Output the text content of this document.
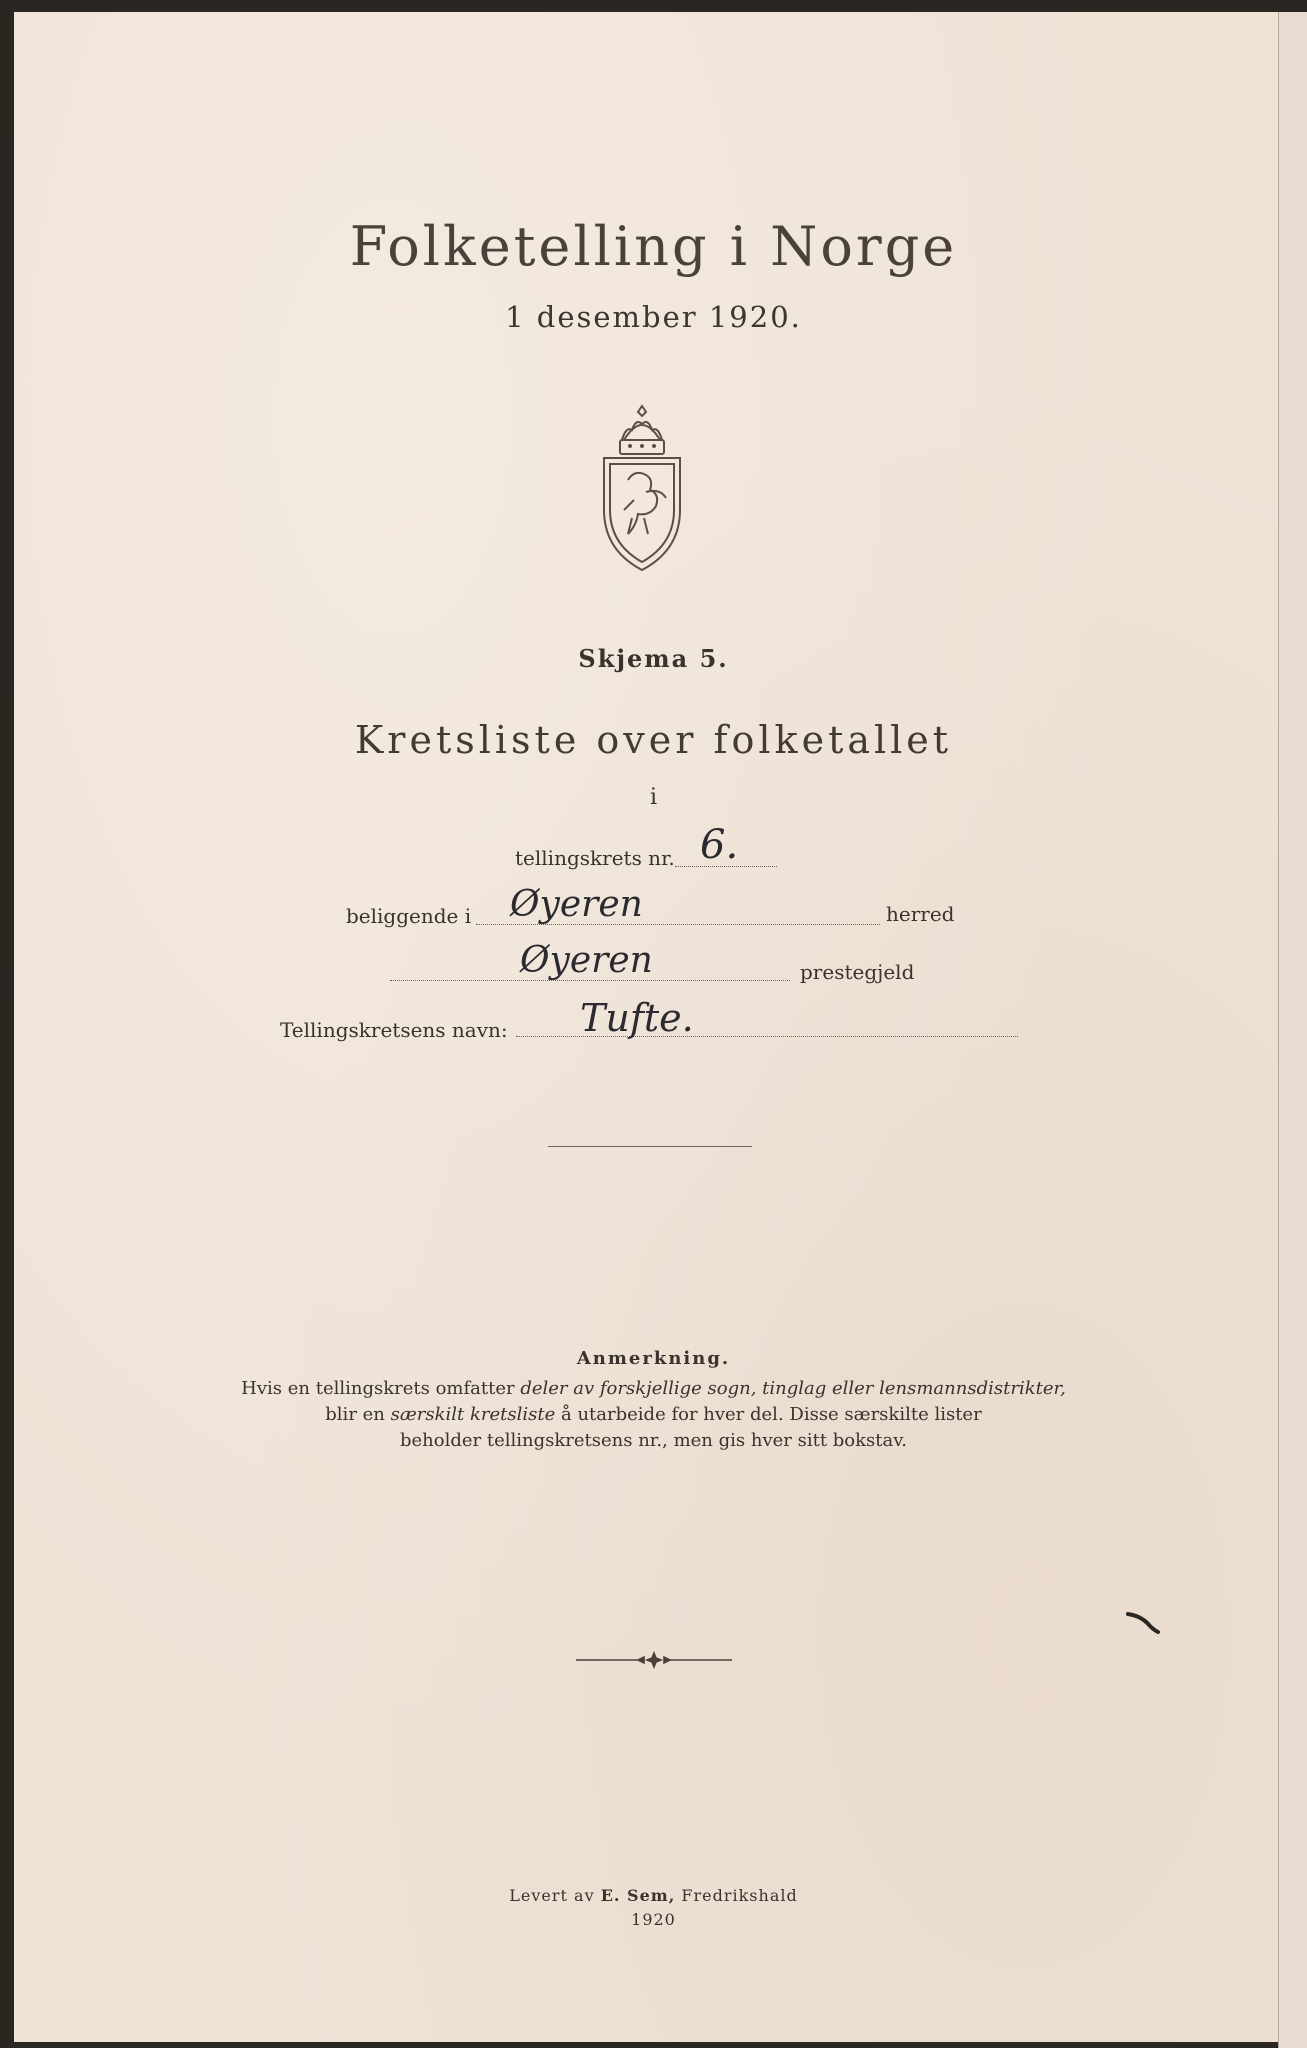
Folketelling i Norge
1 desember 1920.
Skjema 5.
Kretsliste over folketallet
i
tellingskrets nr. 6.
beliggende i Øyeren	herred
Øyeren	prestegjeld
Tellingskretsens navn: Tufte.
Anmerkning.
Hvis en tellingskrets omfatter deler av forskjellige sogn, tinglag eller lensmannsdistrikter,
blir en særskilt kretsliste å utarbeide for hver del. Disse særskilte lister
beholder tellingskretsens nr., men gis hver sitt bokstav.
Levert av E. Sem, Fredrikshald
1920
